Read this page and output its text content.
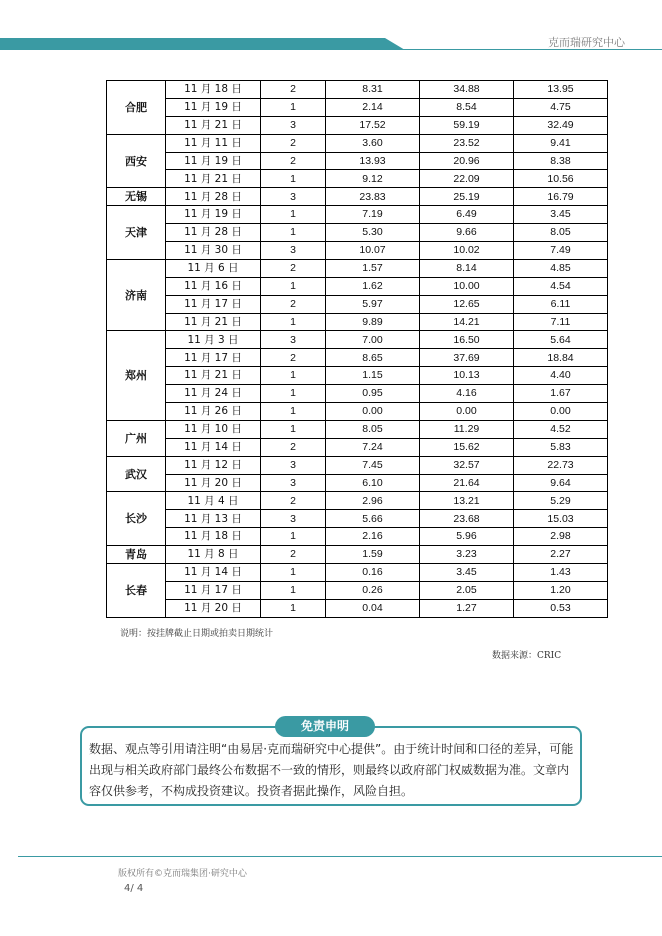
克而瑞研究中心
合肥	11 月 18 日	2	8.31	34.88	13.95
	11 月 19 日	1	2.14	8.54	4.75
	11 月 21 日	3	17.52	59.19	32.49
西安	11 月 11 日	2	3.60	23.52	9.41
	11 月 19 日	2	13.93	20.96	8.38
	11 月 21 日	1	9.12	22.09	10.56
无锡	11 月 28 日	3	23.83	25.19	16.79
天津	11 月 19 日	1	7.19	6.49	3.45
	11 月 28 日	1	5.30	9.66	8.05
	11 月 30 日	3	10.07	10.02	7.49
济南	11 月 6 日	2	1.57	8.14	4.85
	11 月 16 日	1	1.62	10.00	4.54
	11 月 17 日	2	5.97	12.65	6.11
	11 月 21 日	1	9.89	14.21	7.11
郑州	11 月 3 日	3	7.00	16.50	5.64
	11 月 17 日	2	8.65	37.69	18.84
	11 月 21 日	1	1.15	10.13	4.40
	11 月 24 日	1	0.95	4.16	1.67
	11 月 26 日	1	0.00	0.00	0.00
广州	11 月 10 日	1	8.05	11.29	4.52
	11 月 14 日	2	7.24	15.62	5.83
武汉	11 月 12 日	3	7.45	32.57	22.73
	11 月 20 日	3	6.10	21.64	9.64
长沙	11 月 4 日	2	2.96	13.21	5.29
	11 月 13 日	3	5.66	23.68	15.03
	11 月 18 日	1	2.16	5.96	2.98
青岛	11 月 8 日	2	1.59	3.23	2.27
长春	11 月 14 日	1	0.16	3.45	1.43
	11 月 17 日	1	0.26	2.05	1.20
	11 月 20 日	1	0.04	1.27	0.53
说明：按挂牌截止日期或拍卖日期统计
数据来源：CRIC
免责申明
数据、观点等引用请注明“由易居·克而瑞研究中心提供”。由于统计时间和口径的差异，可能出现与相关政府部门最终公布数据不一致的情形，则最终以政府部门权威数据为准。文章内容仅供参考，不构成投资建议。投资者据此操作，风险自担。
版权所有©克而瑞集团·研究中心
4/ 4
